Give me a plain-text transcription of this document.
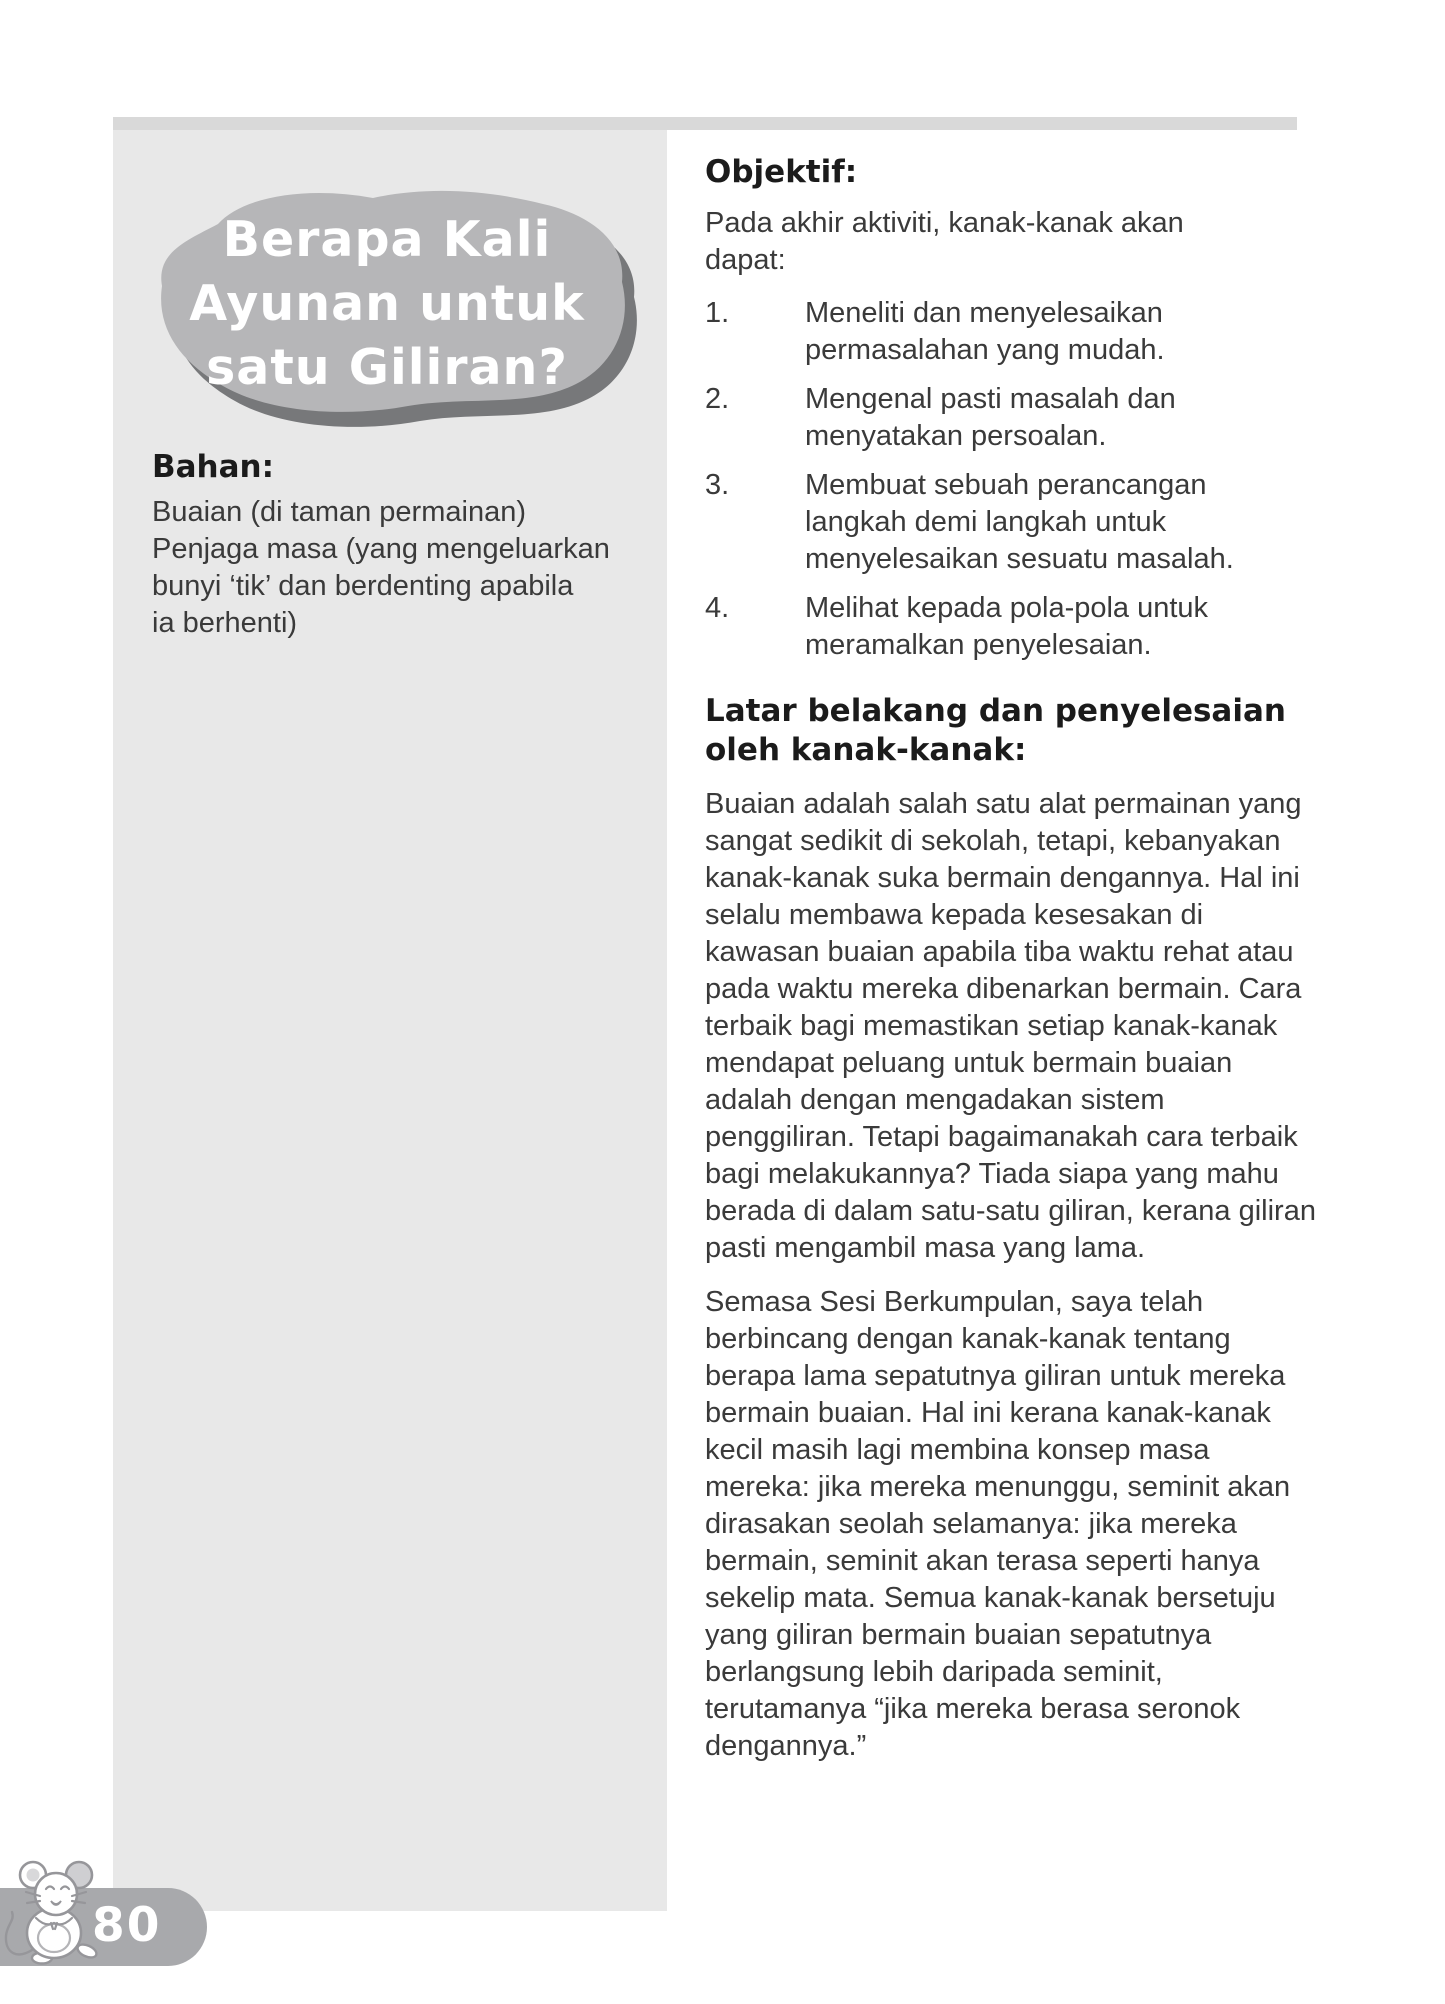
Berapa Kali
Ayunan untuk
satu Giliran?
Bahan:
Buaian (di taman permainan)
Penjaga masa (yang mengeluarkan
bunyi ‘tik’ dan berdenting apabila
ia berhenti)
Objektif:
Pada akhir aktiviti, kanak-kanak akan
dapat:
1.	Meneliti dan menyelesaikan
permasalahan yang mudah.
2.	Mengenal pasti masalah dan
menyatakan persoalan.
3.	Membuat sebuah perancangan
langkah demi langkah untuk
menyelesaikan sesuatu masalah.
4.	Melihat kepada pola-pola untuk
meramalkan penyelesaian.
Latar belakang dan penyelesaian
oleh kanak-kanak:

Buaian adalah salah satu alat permainan yang sangat sedikit di sekolah, tetapi, kebanyakan kanak-kanak suka bermain dengannya. Hal ini selalu membawa kepada kesesakan di kawasan buaian apabila tiba waktu rehat atau pada waktu mereka dibenarkan bermain. Cara terbaik bagi memastikan setiap kanak-kanak mendapat peluang untuk bermain buaian adalah dengan mengadakan sistem penggiliran. Tetapi bagaimanakah cara terbaik bagi melakukannya? Tiada siapa yang mahu berada di dalam satu-satu giliran, kerana giliran pasti mengambil masa yang lama.

Semasa Sesi Berkumpulan, saya telah berbincang dengan kanak-kanak tentang berapa lama sepatutnya giliran untuk mereka bermain buaian. Hal ini kerana kanak-kanak kecil masih lagi membina konsep masa mereka: jika mereka menunggu, seminit akan dirasakan seolah selamanya: jika mereka bermain, seminit akan terasa seperti hanya sekelip mata. Semua kanak-kanak bersetuju yang giliran bermain buaian sepatutnya berlangsung lebih daripada seminit, terutamanya “jika mereka berasa seronok dengannya.”

80
